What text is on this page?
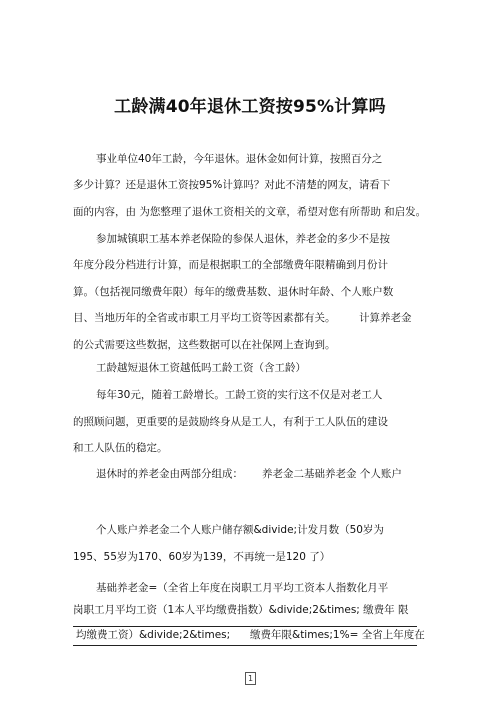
工龄满40年退休工资按95%计算吗
事业单位40年工龄，今年退休。退休金如何计算，按照百分之
多少计算？还是退休工资按95%计算吗？对此不清楚的网友，请看下
面的内容，由 为您整理了退休工资相关的文章，希望对您有所帮助 和启发。
参加城镇职工基本养老保险的参保人退休，养老金的多少不是按
年度分段分档进行计算，而是根据职工的全部缴费年限精确到月份计
算。（包括视同缴费年限）每年的缴费基数、退休时年龄、个人账户数
目、当地历年的全省或市职工月平均工资等因素都有关。 计算养老金
的公式需要这些数据，这些数据可以在社保网上查询到。
工龄越短退休工资越低吗工龄工资（含工龄）
每年30元，随着工龄增长。工龄工资的实行这不仅是对老工人
的照顾问题，更重要的是鼓励终身从是工人，有利于工人队伍的建设
和工人队伍的稳定。
退休时的养老金由两部分组成： 养老金二基础养老金 个人账户
个人账户养老金二个人账户储存额&divide;计发月数（50岁为
195、55岁为170、60岁为139，不再统一是120 了）
基础养老金=（全省上年度在岗职工月平均工资本人指数化月平
岗职工月平均工资（1本人平均缴费指数）&divide;2&times; 缴费年 限
均缴费工资）&divide;2&times; 缴费年限&times;1%= 全省上年度在
1
